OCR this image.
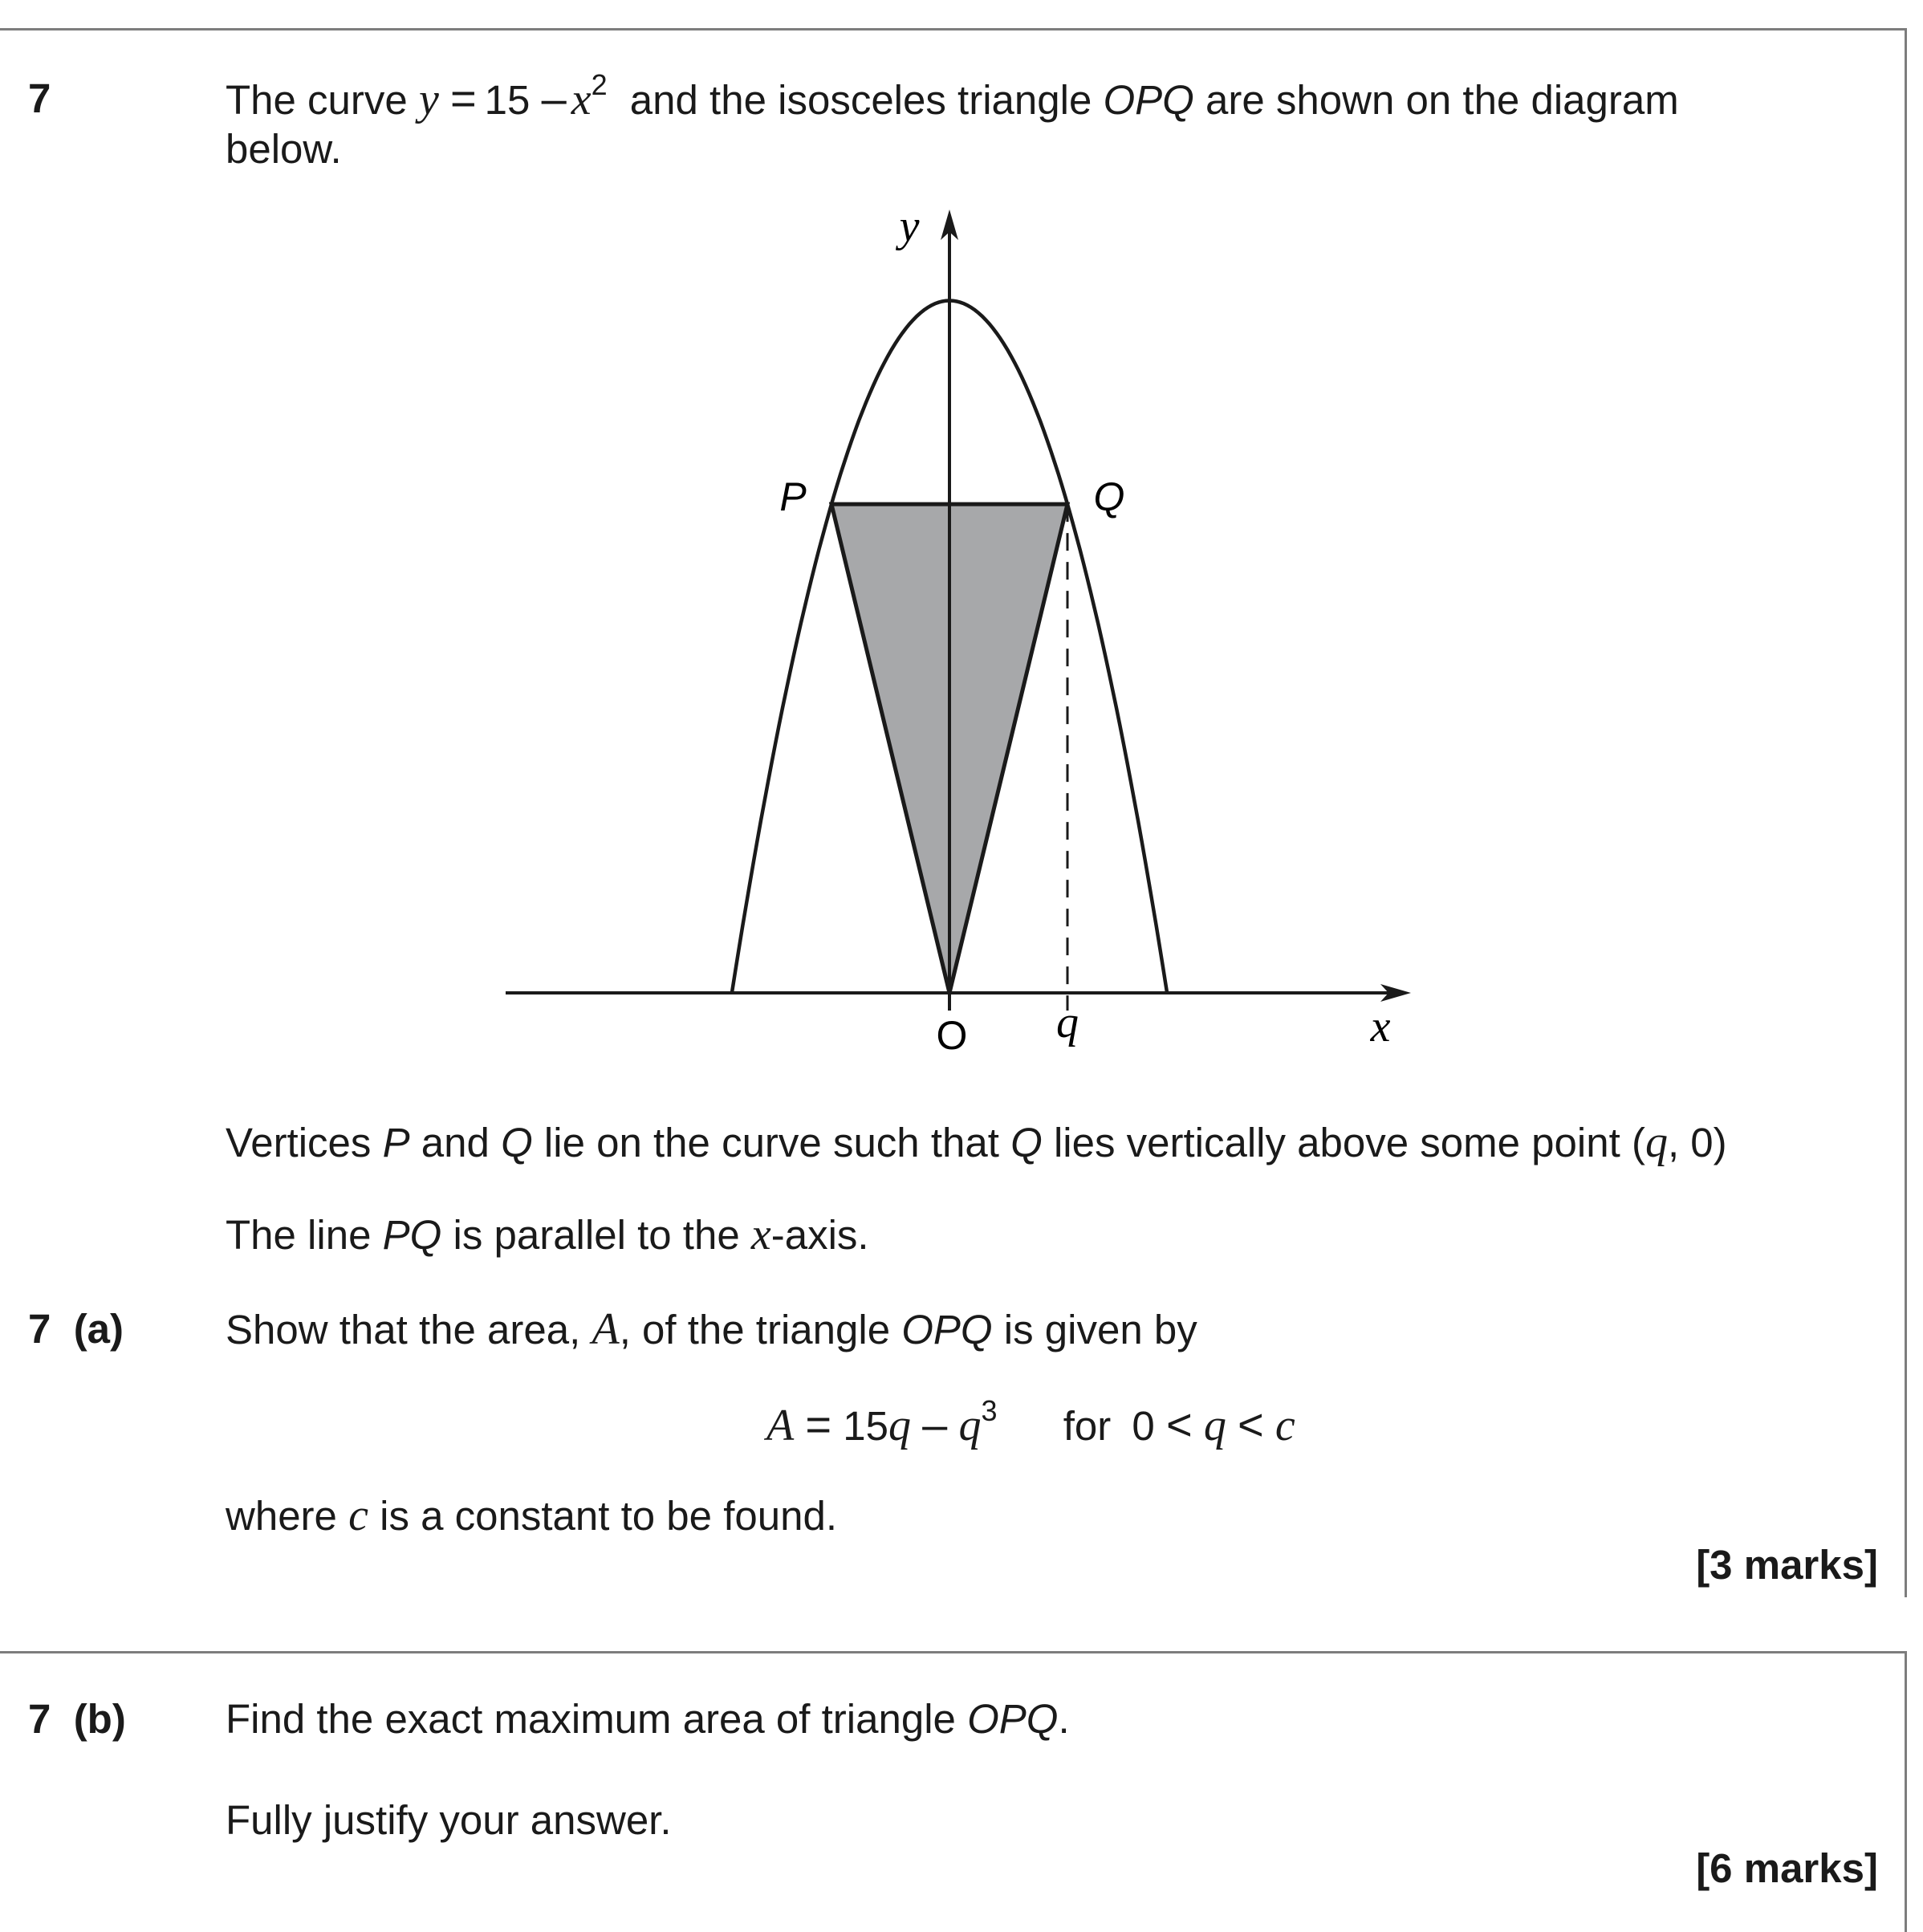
7	The curve $y = 15 - x^2$ and the isosceles triangle OPQ are shown on the diagram
below.
y
x
O
P	Q
q
Vertices P and Q lie on the curve such that Q lies vertically above some point (q, 0)
The line PQ is parallel to the x-axis.
7  (a) Show that the area, A, of the triangle OPQ is given by
$A = 15q - q^3$ for 0 < q < c
where c is a constant to be found.
[3 marks]
7  (b) Find the exact maximum area of triangle OPQ.
Fully justify your answer.
[6 marks]
